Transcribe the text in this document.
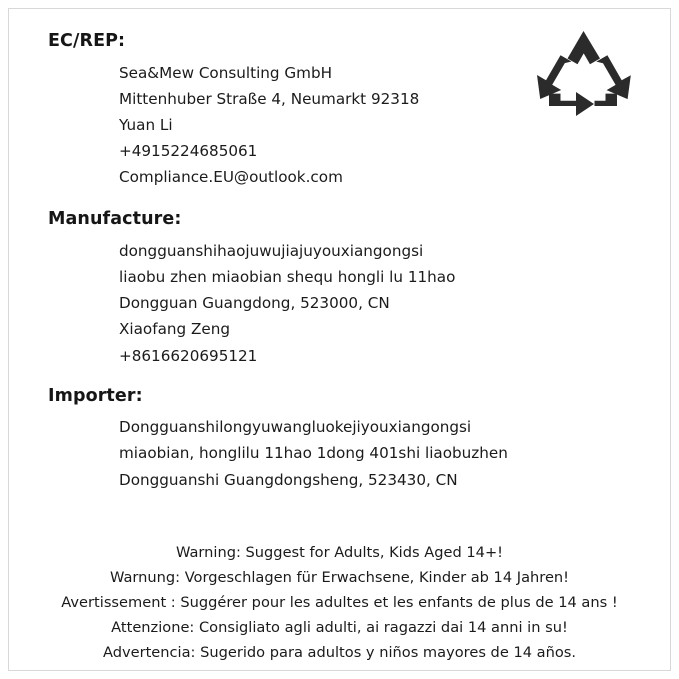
EC/REP:
Sea&Mew Consulting GmbH
Mittenhuber Straße 4, Neumarkt 92318
Yuan Li
+4915224685061
Compliance.EU@outlook.com
Manufacture:
dongguanshihaojuwujiajuyouxiangongsi
liaobu zhen miaobian shequ hongli lu 11hao
Dongguan Guangdong, 523000, CN
Xiaofang Zeng
+8616620695121
Importer:
Dongguanshilongyuwangluokejiyouxiangongsi
miaobian, honglilu 11hao 1dong 401shi liaobuzhen
Dongguanshi Guangdongsheng, 523430, CN

Warning: Suggest for Adults, Kids Aged 14+!

Warnung: Vorgeschlagen für Erwachsene, Kinder ab 14 Jahren!

Avertissement : Suggérer pour les adultes et les enfants de plus de 14 ans !

Attenzione: Consigliato agli adulti, ai ragazzi dai 14 anni in su!

Advertencia: Sugerido para adultos y niños mayores de 14 años.
